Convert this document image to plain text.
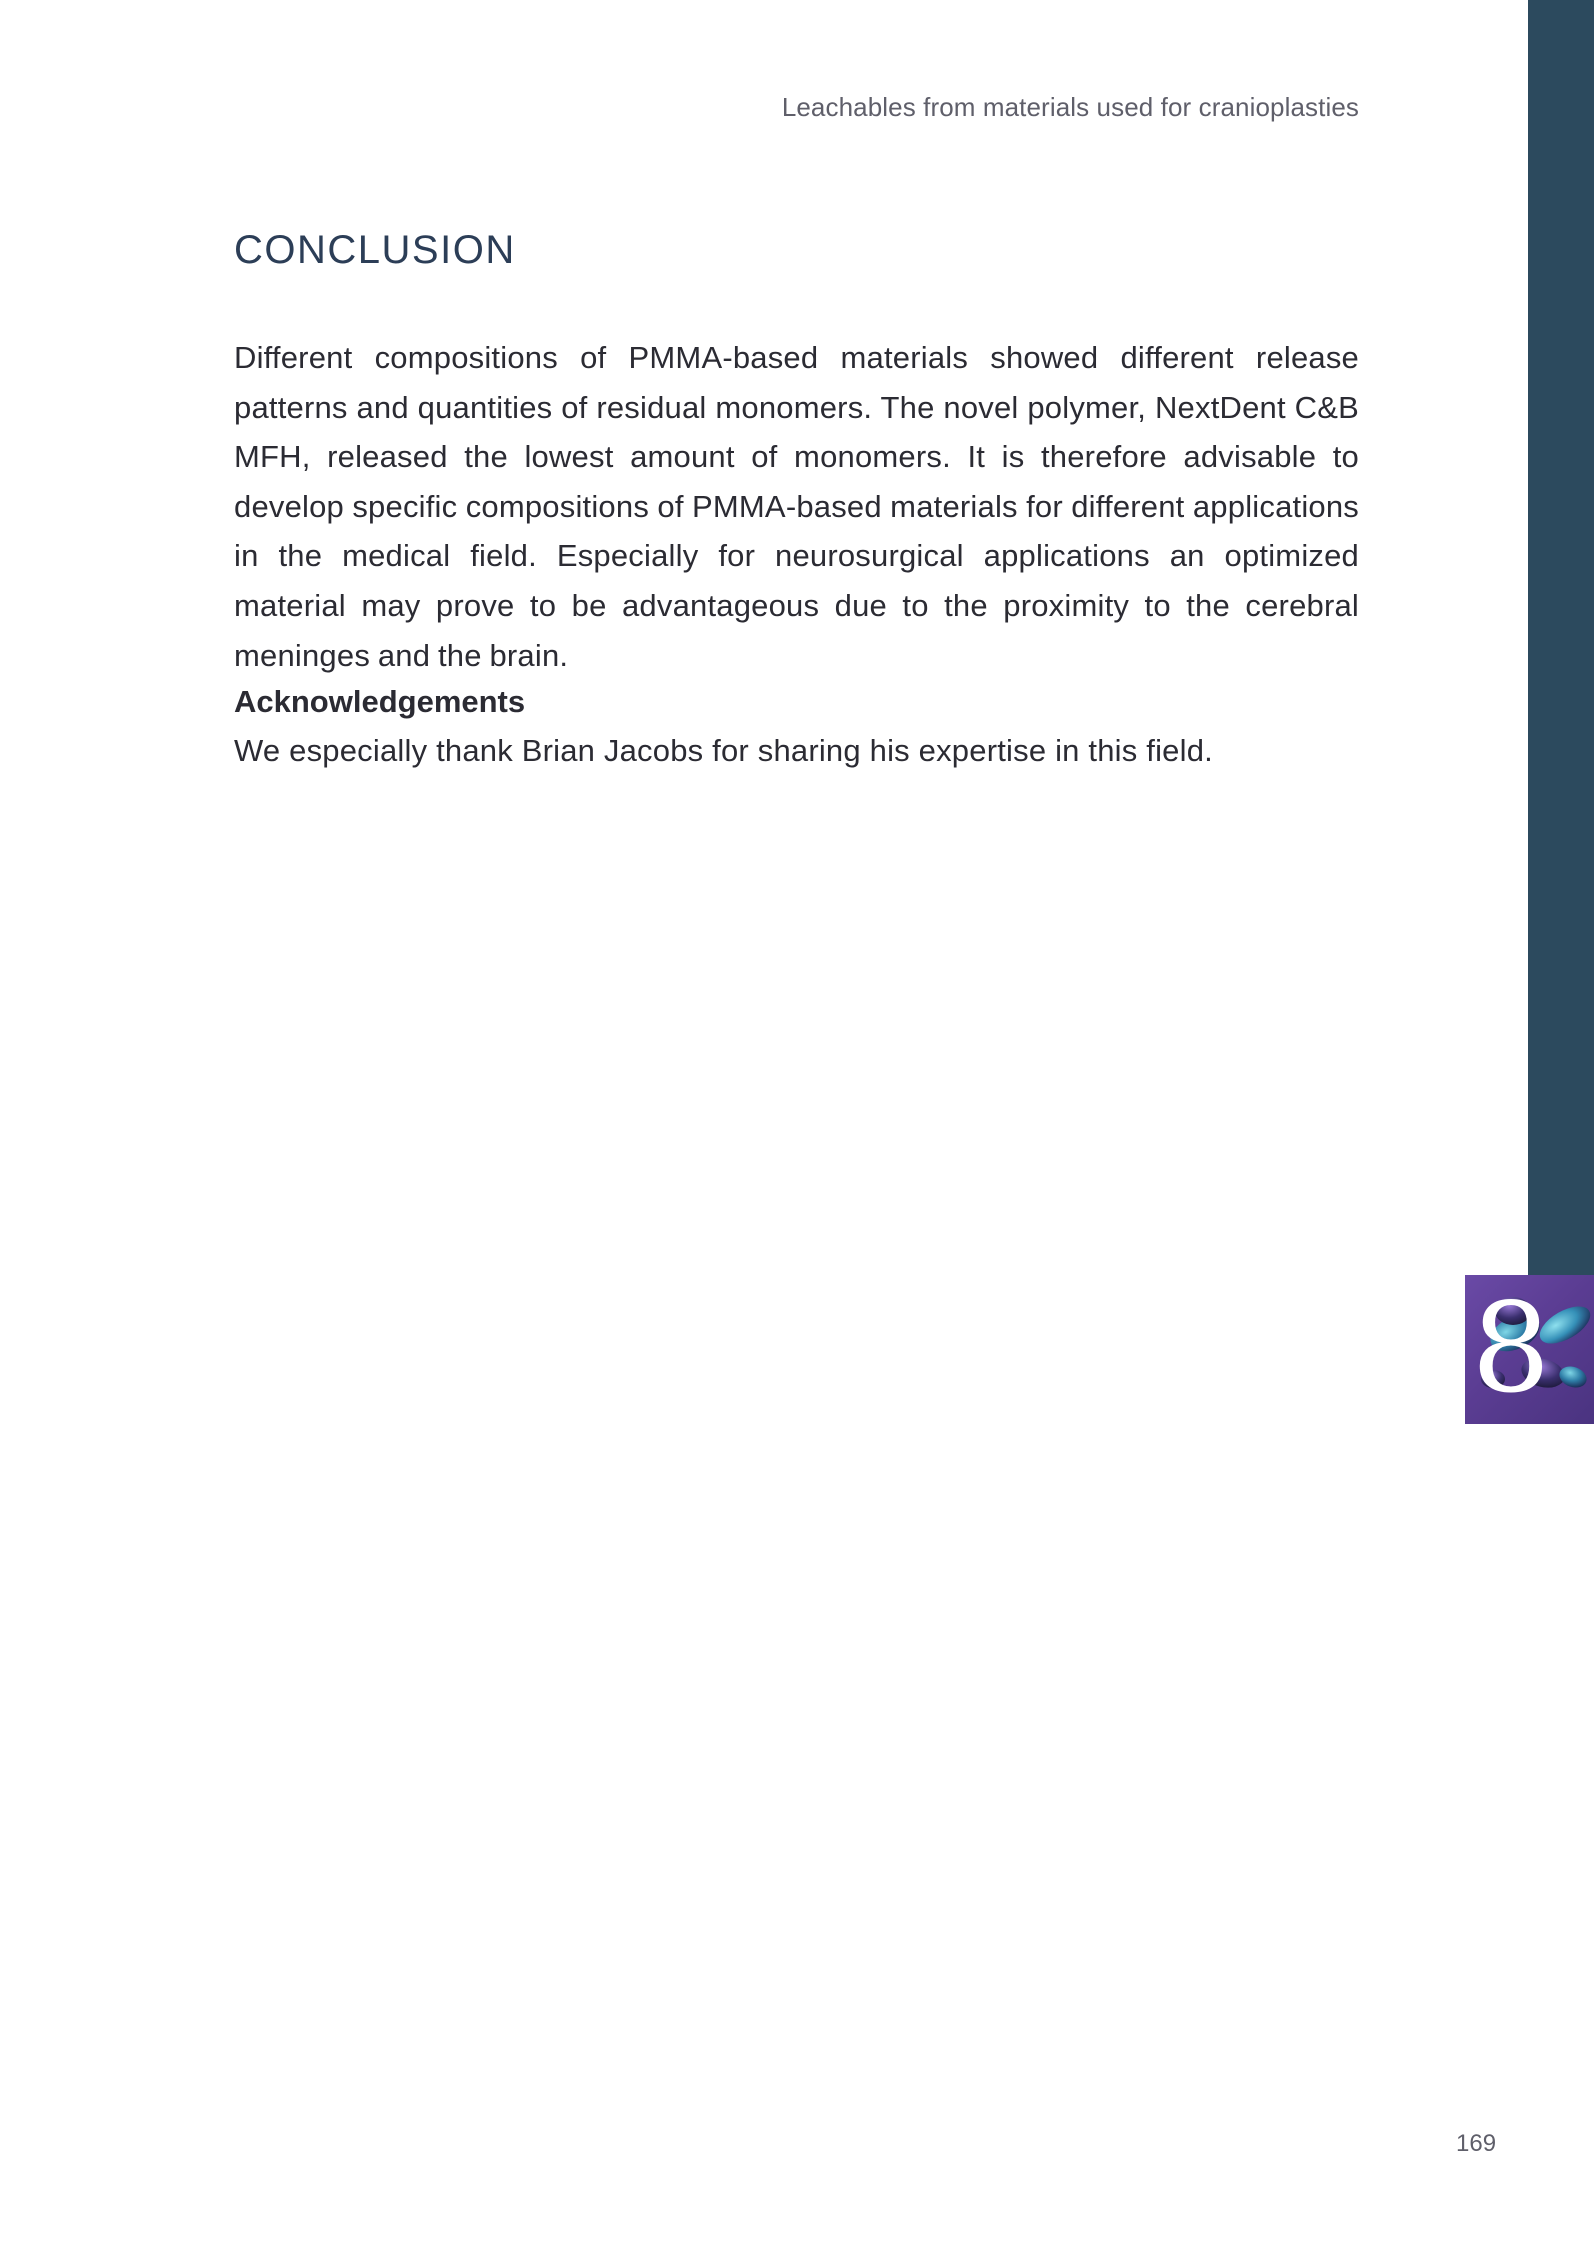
8
Leachables from materials used for cranioplasties
CONCLUSION

Different compositions of PMMA-based materials showed different release patterns and quantities of residual monomers. The novel polymer, NextDent C&B MFH, released the lowest amount of monomers. It is therefore advisable to develop specific compositions of PMMA-based materials for different applications in the medical field. Especially for neurosurgical applications an optimized material may prove to be advantageous due to the proximity to the cerebral meninges and the brain.

Acknowledgements

We especially thank Brian Jacobs for sharing his expertise in this field.

169
